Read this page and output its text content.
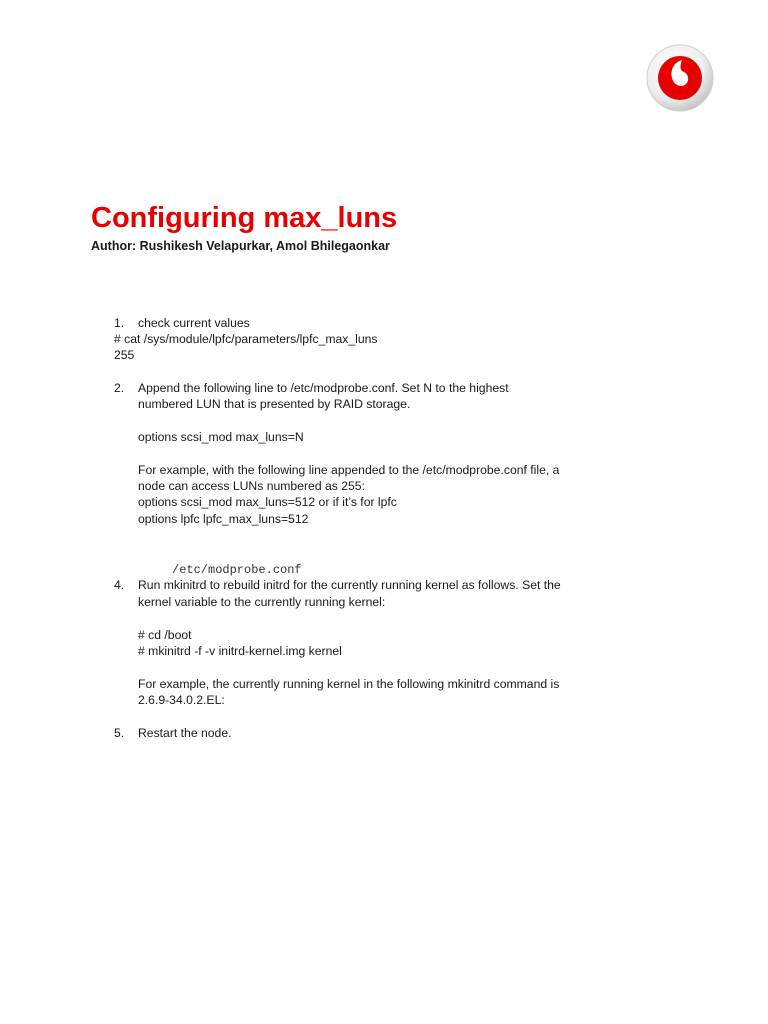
Configuring max_luns

Author: Rushikesh Velapurkar, Amol Bhilegaonkar

1. check current values
# cat /sys/module/lpfc/parameters/lpfc_max_luns
255
2. Append the following line to /etc/modprobe.conf. Set N to the highest
numbered LUN that is presented by RAID storage.
options scsi_mod max_luns=N
For example, with the following line appended to the /etc/modprobe.conf file, a
node can access LUNs numbered as 255:
options scsi_mod max_luns=512 or if it’s for lpfc
options lpfc lpfc_max_luns=512
/etc/modprobe.conf
4. Run mkinitrd to rebuild initrd for the currently running kernel as follows. Set the
kernel variable to the currently running kernel:
# cd /boot
# mkinitrd -f -v initrd-kernel.img kernel
For example, the currently running kernel in the following mkinitrd command is
2.6.9-34.0.2.EL:
5. Restart the node.
